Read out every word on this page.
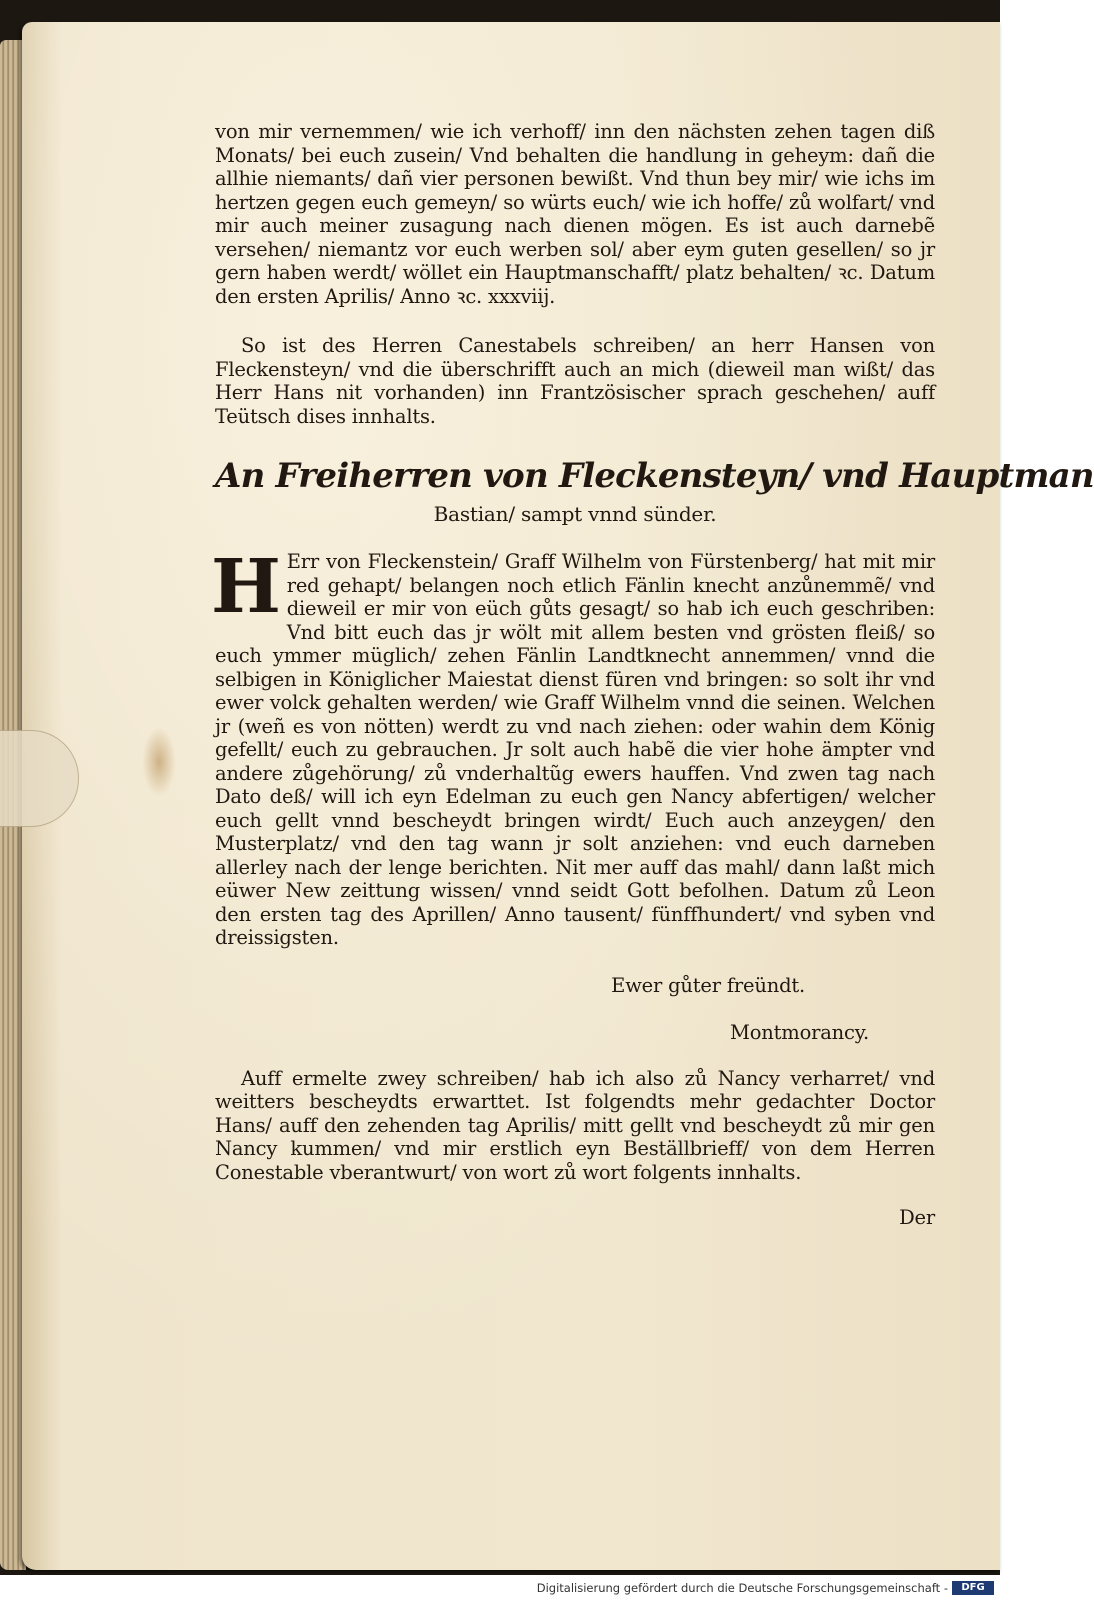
von mir vernemmen/ wie ich verhoff/ inn den nächsten zehen tagen diß Monats/ bei euch zusein/ Vnd behalten die handlung in geheym: dañ die allhie niemants/ dañ vier personen bewißt. Vnd thun bey mir/ wie ichs im hertzen gegen euch gemeyn/ so würts euch/ wie ich hoffe/ zů wolfart/ vnd mir auch meiner zusagung nach dienen mögen. Es ist auch darnebẽ versehen/ niemantz vor euch werben sol/ aber eym guten gesellen/ so jr gern haben werdt/ wöllet ein Hauptmanschafft/ platz behalten/ ꝛc. Datum den ersten Aprilis/ Anno ꝛc. xxxviij.

So ist des Herren Canestabels schreiben/ an herr Hansen von Fleckensteyn/ vnd die überschrifft auch an mich (dieweil man wißt/ das Herr Hans nit vorhanden) inn Frantzösischer sprach geschehen/ auff Teütsch dises innhalts.

An Freiherren von Fleckensteyn/ vnd Hauptman
Bastian/ sampt vnnd sünder.

H Err von Fleckenstein/ Graff Wilhelm von Fürstenberg/ hat mit mir red gehapt/ belangen noch etlich Fänlin knecht anzůnemmẽ/ vnd dieweil er mir von eüch gůts gesagt/ so hab ich euch geschriben: Vnd bitt euch das jr wölt mit allem besten vnd grösten fleiß/ so euch ymmer müglich/ zehen Fänlin Landtknecht annemmen/ vnnd die selbigen in Königlicher Maiestat dienst füren vnd bringen: so solt ihr vnd ewer volck gehalten werden/ wie Graff Wilhelm vnnd die seinen. Welchen jr (weñ es von nötten) werdt zu vnd nach ziehen: oder wahin dem König gefellt/ euch zu gebrauchen. Jr solt auch habẽ die vier hohe ämpter vnd andere zůgehörung/ zů vnderhaltũg ewers hauffen. Vnd zwen tag nach Dato deß/ will ich eyn Edelman zu euch gen Nancy abfertigen/ welcher euch gellt vnnd bescheydt bringen wirdt/ Euch auch anzeygen/ den Musterplatz/ vnd den tag wann jr solt anziehen: vnd euch darneben allerley nach der lenge berichten. Nit mer auff das mahl/ dann laßt mich eüwer New zeittung wissen/ vnnd seidt Gott befolhen. Datum zů Leon den ersten tag des Aprillen/ Anno tausent/ fünffhundert/ vnd syben vnd dreissigsten.

Ewer gůter freündt.
Montmorancy.

Auff ermelte zwey schreiben/ hab ich also zů Nancy verharret/ vnd weitters bescheydts erwarttet. Ist folgendts mehr gedachter Doctor Hans/ auff den zehenden tag Aprilis/ mitt gellt vnd bescheydt zů mir gen Nancy kummen/ vnd mir erstlich eyn Beställbrieff/ von dem Herren Conestable vberantwurt/ von wort zů wort folgents innhalts.

Der
Digitalisierung gefördert durch die Deutsche Forschungsgemeinschaft -	DFG
